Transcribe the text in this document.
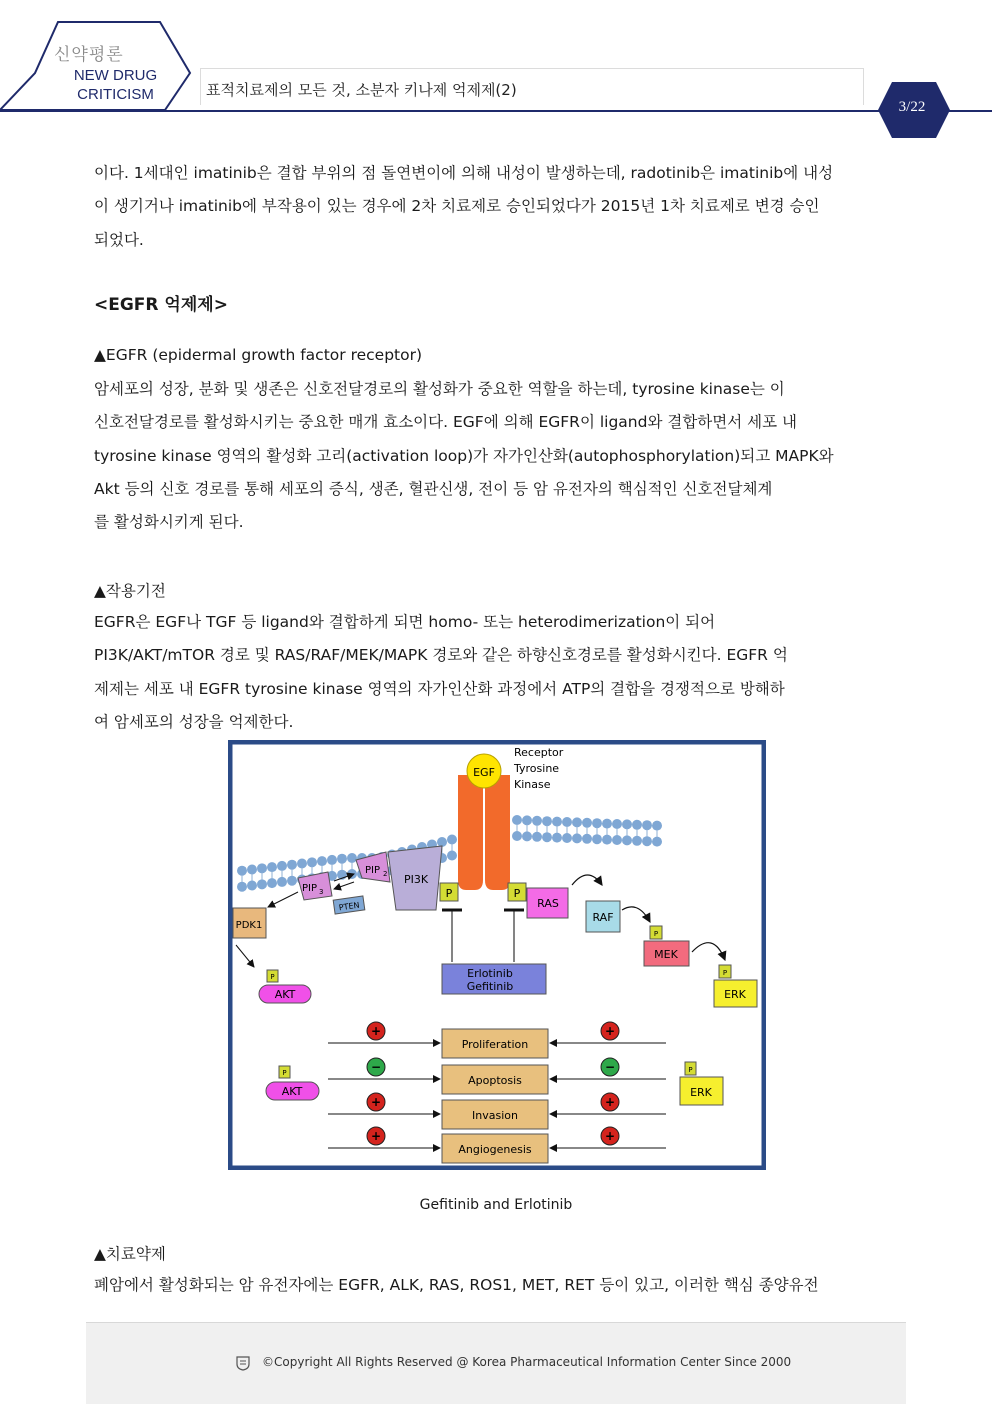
신약평론
NEW DRUG
CRITICISM	표적치료제의 모든 것, 소분자 키나제 억제제(2)
3/22
이다. 1세대인 imatinib은 결합 부위의 점 돌연변이에 의해 내성이 발생하는데, radotinib은 imatinib에 내성
이 생기거나 imatinib에 부작용이 있는 경우에 2차 치료제로 승인되었다가 2015년 1차 치료제로 변경 승인
되었다.
<EGFR 억제제>
▲EGFR (epidermal growth factor receptor)
암세포의 성장, 분화 및 생존은 신호전달경로의 활성화가 중요한 역할을 하는데, tyrosine kinase는 이
신호전달경로를 활성화시키는 중요한 매개 효소이다. EGF에 의해 EGFR이 ligand와 결합하면서 세포 내
tyrosine kinase 영역의 활성화 고리(activation loop)가 자가인산화(autophosphorylation)되고 MAPK와
Akt 등의 신호 경로를 통해 세포의 증식, 생존, 혈관신생, 전이 등 암 유전자의 핵심적인 신호전달체계
를 활성화시키게 된다.
▲작용기전
EGFR은 EGF나 TGF 등 ligand와 결합하게 되면 homo- 또는 heterodimerization이 되어
PI3K/AKT/mTOR 경로 및 RAS/RAF/MEK/MAPK 경로와 같은 하향신호경로를 활성화시킨다. EGFR 억
제제는 세포 내 EGFR tyrosine kinase 영역의 자가인산화 과정에서 ATP의 결합을 경쟁적으로 방해하
여 암세포의 성장을 억제한다.
EGF
Receptor
Tyrosine
Kinase
P	P
Erlotinib
Gefitinib
PI3K
PIP 2
PIP 3
PTEN
PDK1
P
AKT
RAS
RAF
P
MEK
P
ERK
Proliferation
+	+
Apoptosis
−	−
Invasion
+	+
Angiogenesis
+	+
P
AKT
P
ERK
Gefitinib and Erlotinib
▲치료약제
폐암에서 활성화되는 암 유전자에는 EGFR, ALK, RAS, ROS1, MET, RET 등이 있고, 이러한 핵심 종양유전
©Copyright All Rights Reserved @ Korea Pharmaceutical Information Center Since 2000
